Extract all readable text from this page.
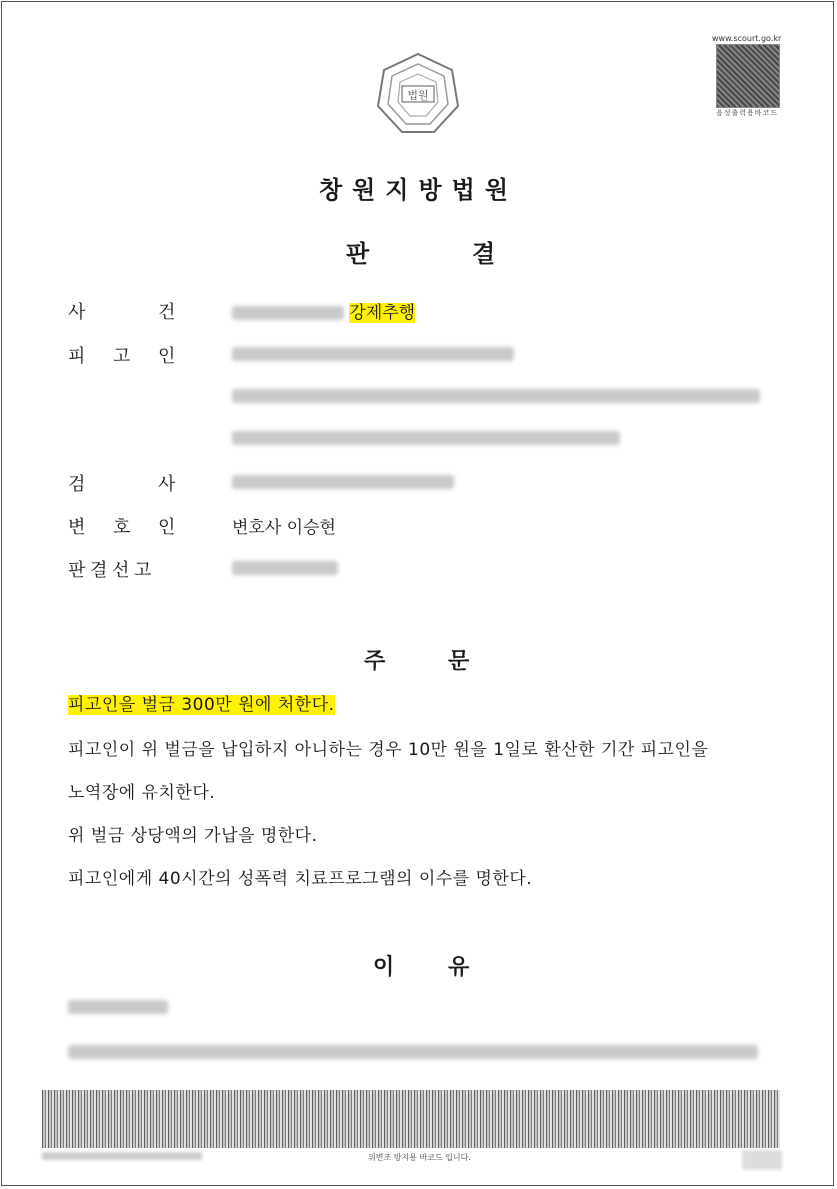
법원
www.scourt.go.kr
음성출력용바코드
창원지방법원
판	결
사	건	강제추행
피 고 인
검	사
변 호 인	변호사 이승현
판 결 선 고
주	문
피고인을 벌금 300만 원에 처한다.
피고인이 위 벌금을 납입하지 아니하는 경우 10만 원을 1일로 환산한 기간 피고인을
노역장에 유치한다.
위 벌금 상당액의 가납을 명한다.
피고인에게 40시간의 성폭력 치료프로그램의 이수를 명한다.
이 유
위변조 방지용 바코드 입니다.
